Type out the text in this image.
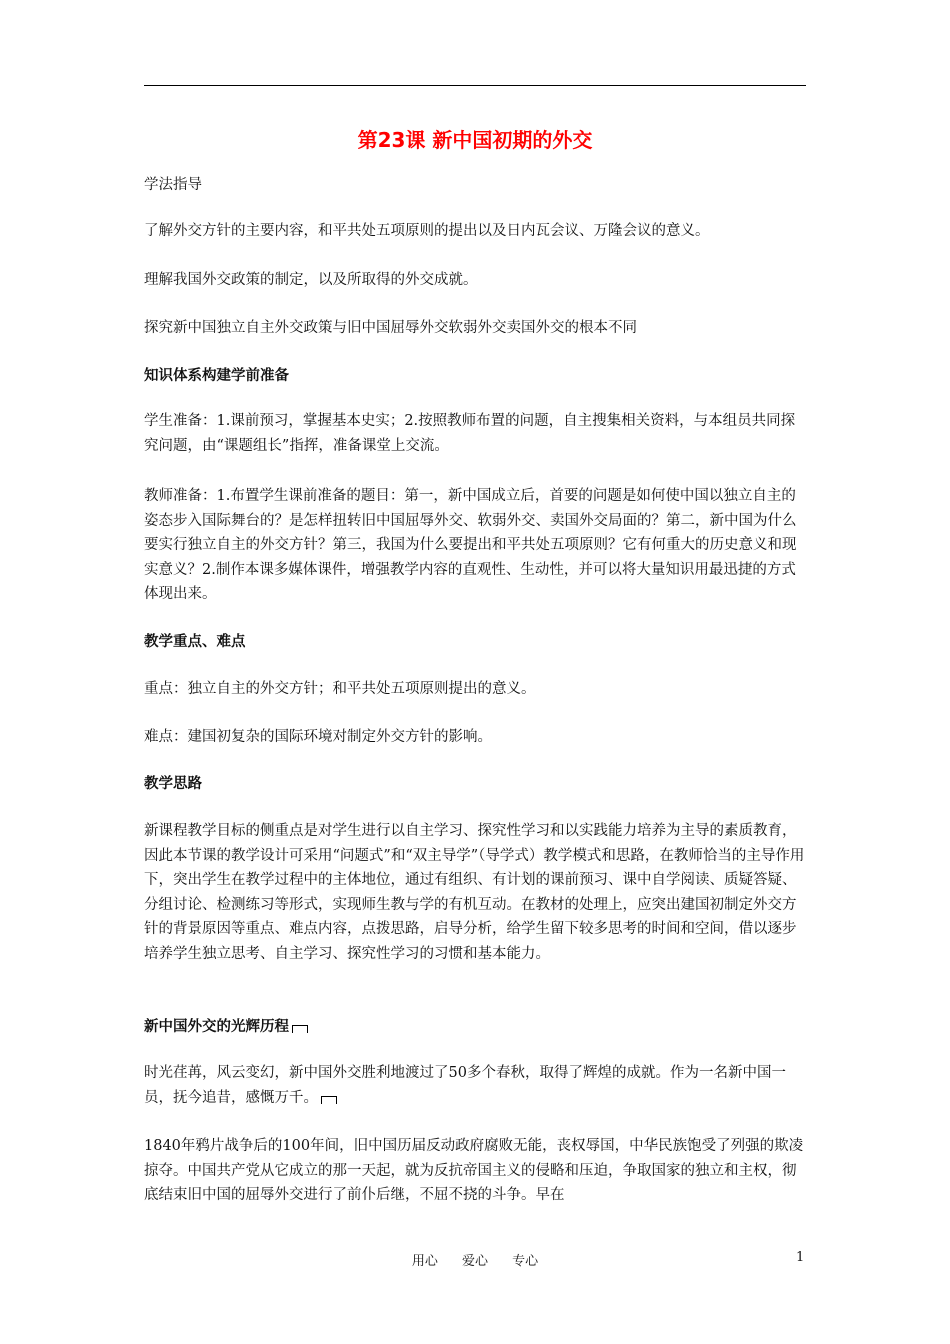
第23课 新中国初期的外交

学法指导

了解外交方针的主要内容，和平共处五项原则的提出以及日内瓦会议、万隆会议的意义。

理解我国外交政策的制定，以及所取得的外交成就。

探究新中国独立自主外交政策与旧中国屈辱外交软弱外交卖国外交的根本不同

知识体系构建学前准备

学生准备：1.课前预习，掌握基本史实；2.按照教师布置的问题，自主搜集相关资料，与本组员共同探究问题，由“课题组长”指挥，准备课堂上交流。

教师准备：1.布置学生课前准备的题目：第一，新中国成立后，首要的问题是如何使中国以独立自主的姿态步入国际舞台的？是怎样扭转旧中国屈辱外交、软弱外交、卖国外交局面的？第二，新中国为什么要实行独立自主的外交方针？第三，我国为什么要提出和平共处五项原则？它有何重大的历史意义和现实意义？2.制作本课多媒体课件，增强教学内容的直观性、生动性，并可以将大量知识用最迅捷的方式体现出来。

教学重点、难点

重点：独立自主的外交方针；和平共处五项原则提出的意义。

难点：建国初复杂的国际环境对制定外交方针的影响。

教学思路

新课程教学目标的侧重点是对学生进行以自主学习、探究性学习和以实践能力培养为主导的素质教育，因此本节课的教学设计可采用“问题式”和“双主导学”（导学式）教学模式和思路，在教师恰当的主导作用下，突出学生在教学过程中的主体地位，通过有组织、有计划的课前预习、课中自学阅读、质疑答疑、分组讨论、检测练习等形式，实现师生教与学的有机互动。在教材的处理上，应突出建国初制定外交方针的背景原因等重点、难点内容，点拨思路，启导分析，给学生留下较多思考的时间和空间，借以逐步培养学生独立思考、自主学习、探究性学习的习惯和基本能力。

新中国外交的光辉历程

时光荏苒，风云变幻，新中国外交胜利地渡过了50多个春秋，取得了辉煌的成就。作为一名新中国一员，抚今追昔，感慨万千。

1840年鸦片战争后的100年间，旧中国历届反动政府腐败无能，丧权辱国，中华民族饱受了列强的欺凌掠夺。中国共产党从它成立的那一天起，就为反抗帝国主义的侵略和压迫，争取国家的独立和主权，彻底结束旧中国的屈辱外交进行了前仆后继，不屈不挠的斗争。早在

用心 爱心 专心	1
